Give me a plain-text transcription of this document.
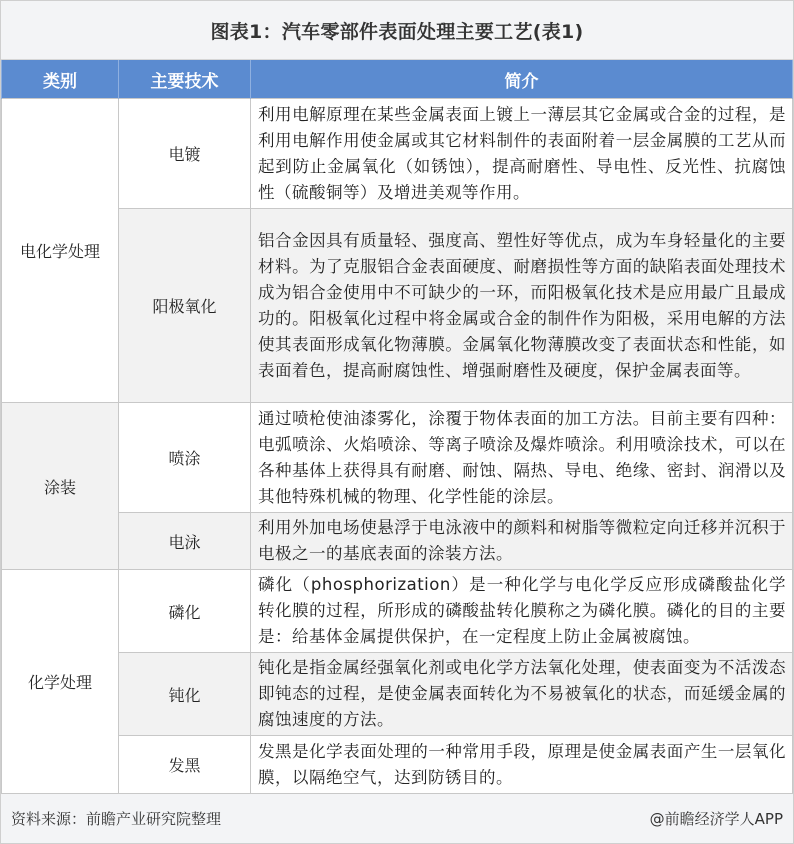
图表1：汽车零部件表面处理主要工艺(表1)
类别	主要技术	简介
电化学处理	电镀	利用电解原理在某些金属表面上镀上一薄层其它金属或合金的过程，是利用电解作用使金属或其它材料制件的表面附着一层金属膜的工艺从而起到防止金属氧化（如锈蚀），提高耐磨性、导电性、反光性、抗腐蚀性（硫酸铜等）及增进美观等作用。
	阳极氧化	铝合金因具有质量轻、强度高、塑性好等优点，成为车身轻量化的主要材料。为了克服铝合金表面硬度、耐磨损性等方面的缺陷表面处理技术成为铝合金使用中不可缺少的一环，而阳极氧化技术是应用最广且最成功的。阳极氧化过程中将金属或合金的制件作为阳极，采用电解的方法使其表面形成氧化物薄膜。金属氧化物薄膜改变了表面状态和性能，如表面着色，提高耐腐蚀性、增强耐磨性及硬度，保护金属表面等。
涂装	喷涂	通过喷枪使油漆雾化，涂覆于物体表面的加工方法。目前主要有四种：电弧喷涂、火焰喷涂、等离子喷涂及爆炸喷涂。利用喷涂技术，可以在各种基体上获得具有耐磨、耐蚀、隔热、导电、绝缘、密封、润滑以及其他特殊机械的物理、化学性能的涂层。
	电泳	利用外加电场使悬浮于电泳液中的颜料和树脂等微粒定向迁移并沉积于电极之一的基底表面的涂装方法。
化学处理	磷化	磷化（phosphorization）是一种化学与电化学反应形成磷酸盐化学转化膜的过程，所形成的磷酸盐转化膜称之为磷化膜。磷化的目的主要是：给基体金属提供保护，在一定程度上防止金属被腐蚀。
	钝化	钝化是指金属经强氧化剂或电化学方法氧化处理，使表面变为不活泼态即钝态的过程，是使金属表面转化为不易被氧化的状态，而延缓金属的腐蚀速度的方法。
	发黑	发黑是化学表面处理的一种常用手段，原理是使金属表面产生一层氧化膜，以隔绝空气，达到防锈目的。
资料来源：前瞻产业研究院整理	@前瞻经济学人APP
